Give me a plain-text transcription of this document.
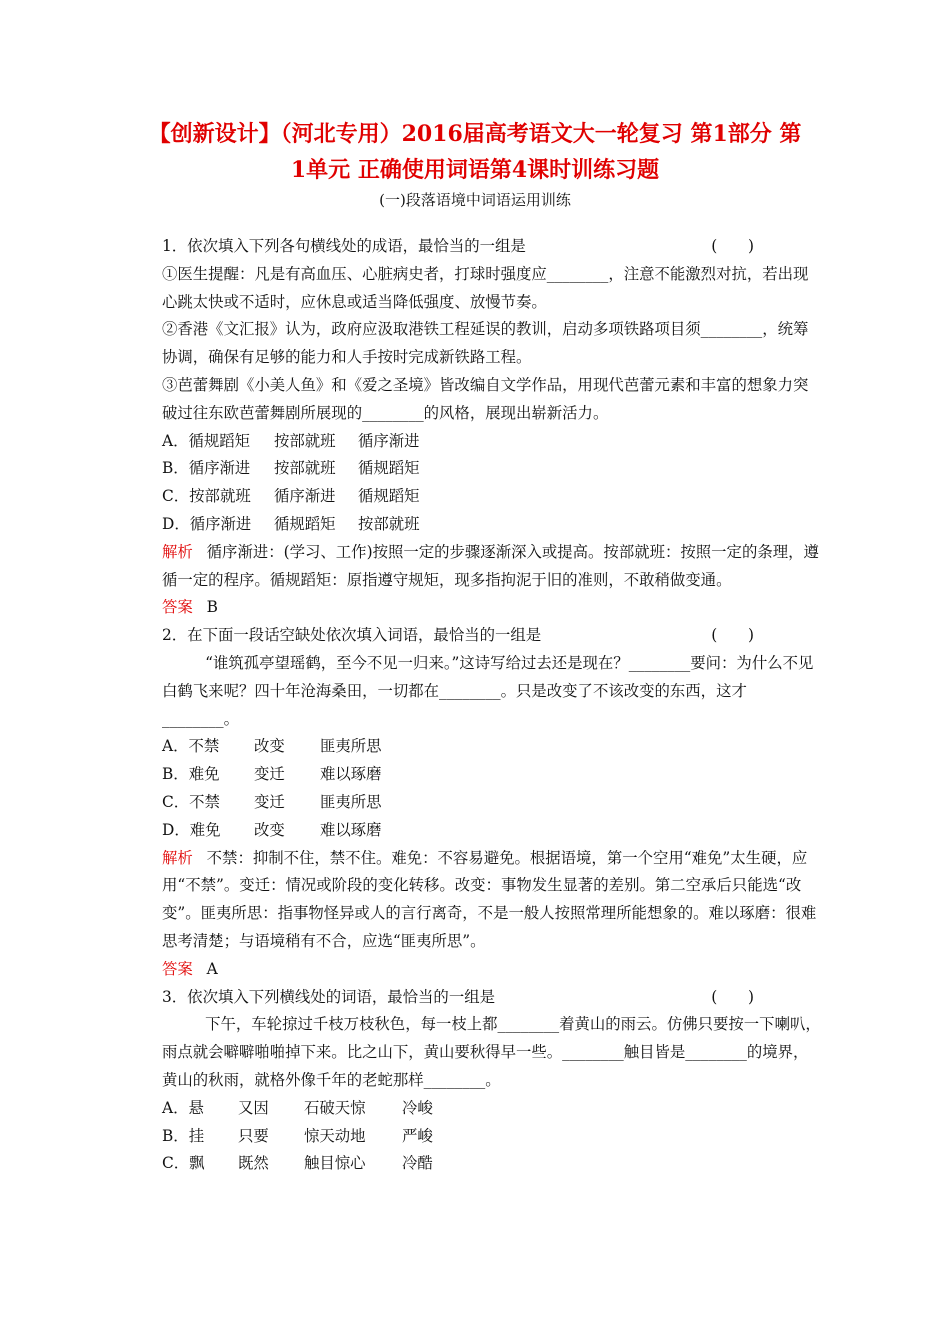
【创新设计】（河北专用）2016届高考语文大一轮复习 第1部分 第
1单元 正确使用词语第4课时训练习题
(一)段落语境中词语运用训练
1．依次填入下列各句横线处的成语，最恰当的一组是	(　　)
①医生提醒：凡是有高血压、心脏病史者，打球时强度应________，注意不能激烈对抗，若出现心跳太快或不适时，应休息或适当降低强度、放慢节奏。
②香港《文汇报》认为，政府应汲取港铁工程延误的教训，启动多项铁路项目须________，统筹协调，确保有足够的能力和人手按时完成新铁路工程。
③芭蕾舞剧《小美人鱼》和《爱之圣境》皆改编自文学作品，用现代芭蕾元素和丰富的想象力突破过往东欧芭蕾舞剧所展现的________的风格，展现出崭新活力。
A．循规蹈矩 按部就班 循序渐进
B．循序渐进 按部就班 循规蹈矩
C．按部就班 循序渐进 循规蹈矩
D．循序渐进 循规蹈矩 按部就班
解析 循序渐进：(学习、工作)按照一定的步骤逐渐深入或提高。按部就班：按照一定的条理，遵循一定的程序。循规蹈矩：原指遵守规矩，现多指拘泥于旧的准则，不敢稍做变通。
答案 B
2．在下面一段话空缺处依次填入词语，最恰当的一组是	(　　)
“谁筑孤亭望瑶鹤，至今不见一归来。”这诗写给过去还是现在？________要问：为什么不见白鹤飞来呢？四十年沧海桑田，一切都在________。只是改变了不该改变的东西，这才________。
A．不禁 改变 匪夷所思
B．难免 变迁 难以琢磨
C．不禁 变迁 匪夷所思
D．难免 改变 难以琢磨
解析 不禁：抑制不住，禁不住。难免：不容易避免。根据语境，第一个空用“难免”太生硬，应用“不禁”。变迁：情况或阶段的变化转移。改变：事物发生显著的差别。第二空承后只能选“改变”。匪夷所思：指事物怪异或人的言行离奇，不是一般人按照常理所能想象的。难以琢磨：很难思考清楚；与语境稍有不合，应选“匪夷所思”。
答案 A
3．依次填入下列横线处的词语，最恰当的一组是	(　　)
下午，车轮掠过千枝万枝秋色，每一枝上都________着黄山的雨云。仿佛只要按一下喇叭，雨点就会噼噼啪啪掉下来。比之山下，黄山要秋得早一些。________触目皆是________的境界，黄山的秋雨，就格外像千年的老蛇那样________。
A．悬 又因 石破天惊 冷峻
B．挂 只要 惊天动地 严峻
C．飘 既然 触目惊心 冷酷
